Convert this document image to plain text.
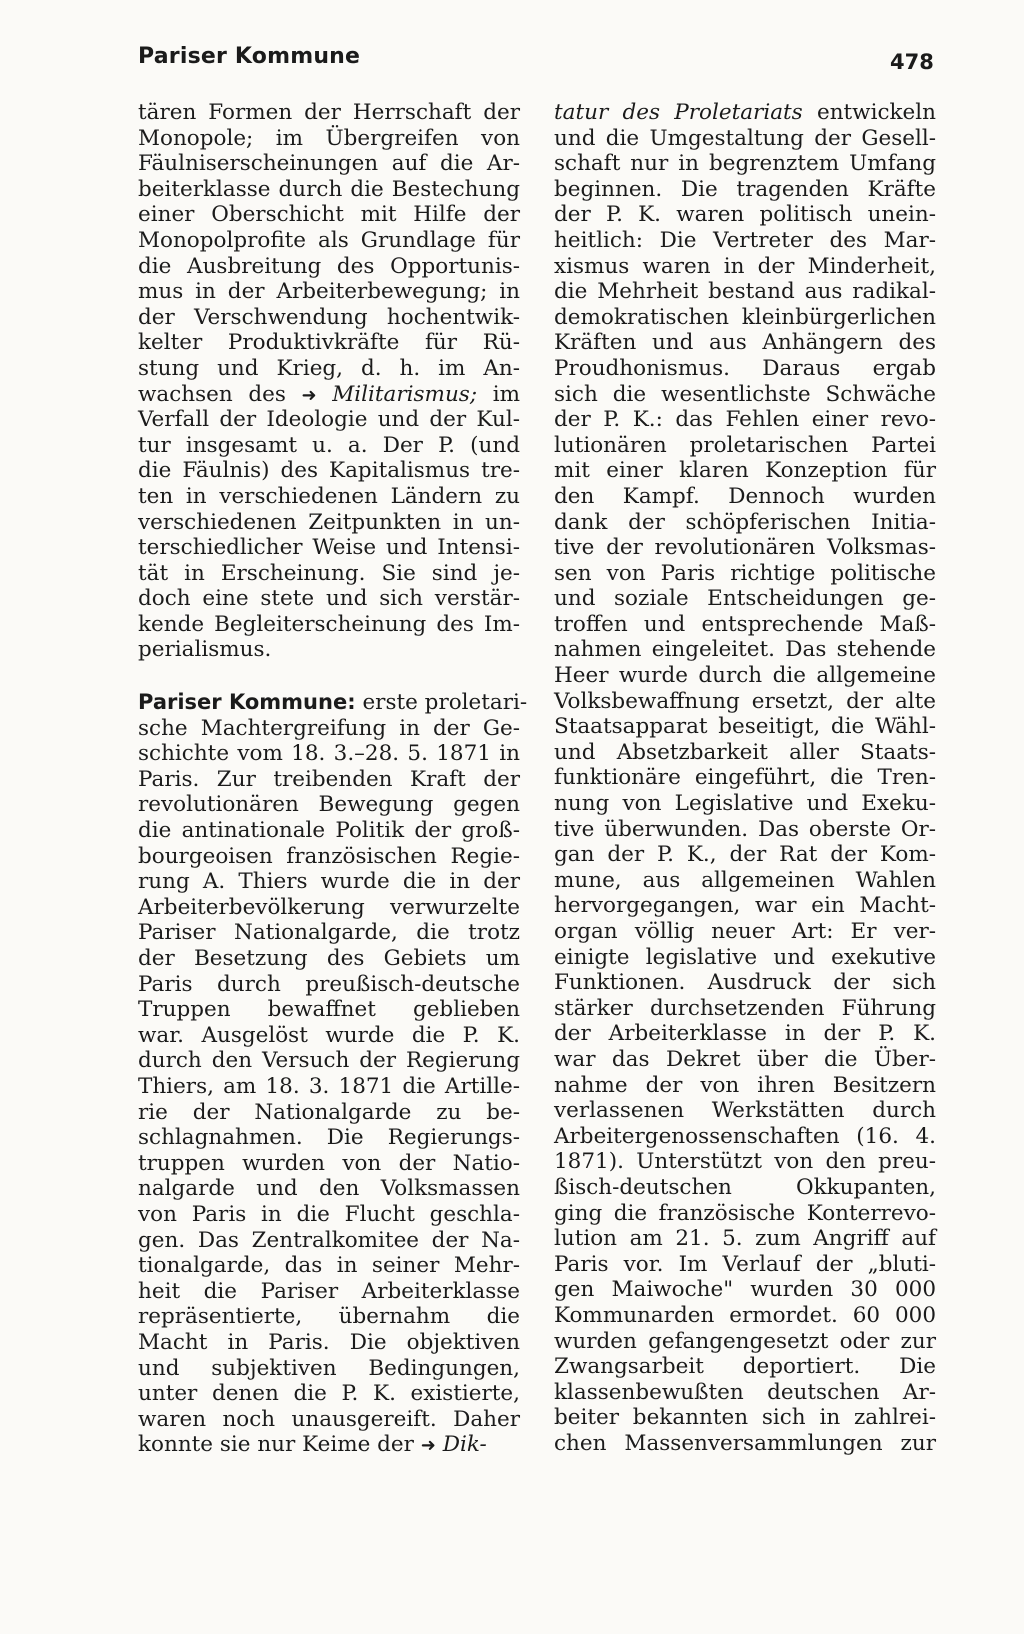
Pariser Kommune	478
tären Formen der Herrschaft der
Monopole; im Übergreifen von
Fäulniserscheinungen auf die Ar-
beiterklasse durch die Bestechung
einer Oberschicht mit Hilfe der
Monopolprofite als Grundlage für
die Ausbreitung des Opportunis-
mus in der Arbeiterbewegung; in
der Verschwendung hochentwik-
kelter Produktivkräfte für Rü-
stung und Krieg, d. h. im An-
wachsen des ➜ Militarismus; im
Verfall der Ideologie und der Kul-
tur insgesamt u. a. Der P. (und
die Fäulnis) des Kapitalismus tre-
ten in verschiedenen Ländern zu
verschiedenen Zeitpunkten in un-
terschiedlicher Weise und Intensi-
tät in Erscheinung. Sie sind je-
doch eine stete und sich verstär-
kende Begleiterscheinung des Im-
perialismus.
Pariser Kommune: erste proletari-
sche Machtergreifung in der Ge-
schichte vom 18. 3.–28. 5. 1871 in
Paris. Zur treibenden Kraft der
revolutionären Bewegung gegen
die antinationale Politik der groß-
bourgeoisen französischen Regie-
rung A. Thiers wurde die in der
Arbeiterbevölkerung verwurzelte
Pariser Nationalgarde, die trotz
der Besetzung des Gebiets um
Paris durch preußisch-deutsche
Truppen bewaffnet geblieben
war. Ausgelöst wurde die P. K.
durch den Versuch der Regierung
Thiers, am 18. 3. 1871 die Artille-
rie der Nationalgarde zu be-
schlagnahmen. Die Regierungs-
truppen wurden von der Natio-
nalgarde und den Volksmassen
von Paris in die Flucht geschla-
gen. Das Zentralkomitee der Na-
tionalgarde, das in seiner Mehr-
heit die Pariser Arbeiterklasse
repräsentierte, übernahm die
Macht in Paris. Die objektiven
und subjektiven Bedingungen,
unter denen die P. K. existierte,
waren noch unausgereift. Daher
konnte sie nur Keime der ➜ Dik-
tatur des Proletariats entwickeln
und die Umgestaltung der Gesell-
schaft nur in begrenztem Umfang
beginnen. Die tragenden Kräfte
der P. K. waren politisch unein-
heitlich: Die Vertreter des Mar-
xismus waren in der Minderheit,
die Mehrheit bestand aus radikal-
demokratischen kleinbürgerlichen
Kräften und aus Anhängern des
Proudhonismus. Daraus ergab
sich die wesentlichste Schwäche
der P. K.: das Fehlen einer revo-
lutionären proletarischen Partei
mit einer klaren Konzeption für
den Kampf. Dennoch wurden
dank der schöpferischen Initia-
tive der revolutionären Volksmas-
sen von Paris richtige politische
und soziale Entscheidungen ge-
troffen und entsprechende Maß-
nahmen eingeleitet. Das stehende
Heer wurde durch die allgemeine
Volksbewaffnung ersetzt, der alte
Staatsapparat beseitigt, die Wähl-
und Absetzbarkeit aller Staats-
funktionäre eingeführt, die Tren-
nung von Legislative und Exeku-
tive überwunden. Das oberste Or-
gan der P. K., der Rat der Kom-
mune, aus allgemeinen Wahlen
hervorgegangen, war ein Macht-
organ völlig neuer Art: Er ver-
einigte legislative und exekutive
Funktionen. Ausdruck der sich
stärker durchsetzenden Führung
der Arbeiterklasse in der P. K.
war das Dekret über die Über-
nahme der von ihren Besitzern
verlassenen Werkstätten durch
Arbeitergenossenschaften (16. 4.
1871). Unterstützt von den preu-
ßisch-deutschen Okkupanten,
ging die französische Konterrevo-
lution am 21. 5. zum Angriff auf
Paris vor. Im Verlauf der „bluti-
gen Maiwoche" wurden 30 000
Kommunarden ermordet. 60 000
wurden gefangengesetzt oder zur
Zwangsarbeit deportiert. Die
klassenbewußten deutschen Ar-
beiter bekannten sich in zahlrei-
chen Massenversammlungen zur
